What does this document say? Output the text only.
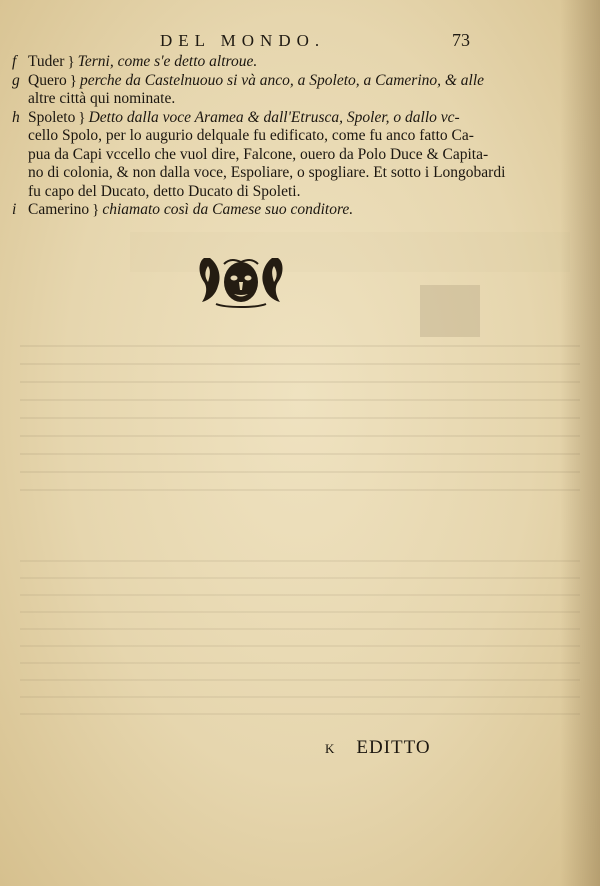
DEL MONDO.	73
f Tuder } Terni, come s'e detto altroue.
g Quero } perche da Castelnuouo si và anco, a Spoleto, a Camerino, & alle
altre città qui nominate.
h Spoleto } Detto dalla voce Aramea & dall'Etrusca, Spoler, o dallo vc-
cello Spolo, per lo augurio delquale fu edificato, come fu anco fatto Ca-
pua da Capi vccello che vuol dire, Falcone, ouero da Polo Duce & Capita-
no di colonia, & non dalla voce, Espoliare, o spogliare. Et sotto i Longobardi
fu capo del Ducato, detto Ducato di Spoleti.
i Camerino } chiamato così da Camese suo conditore.
K EDITTO
